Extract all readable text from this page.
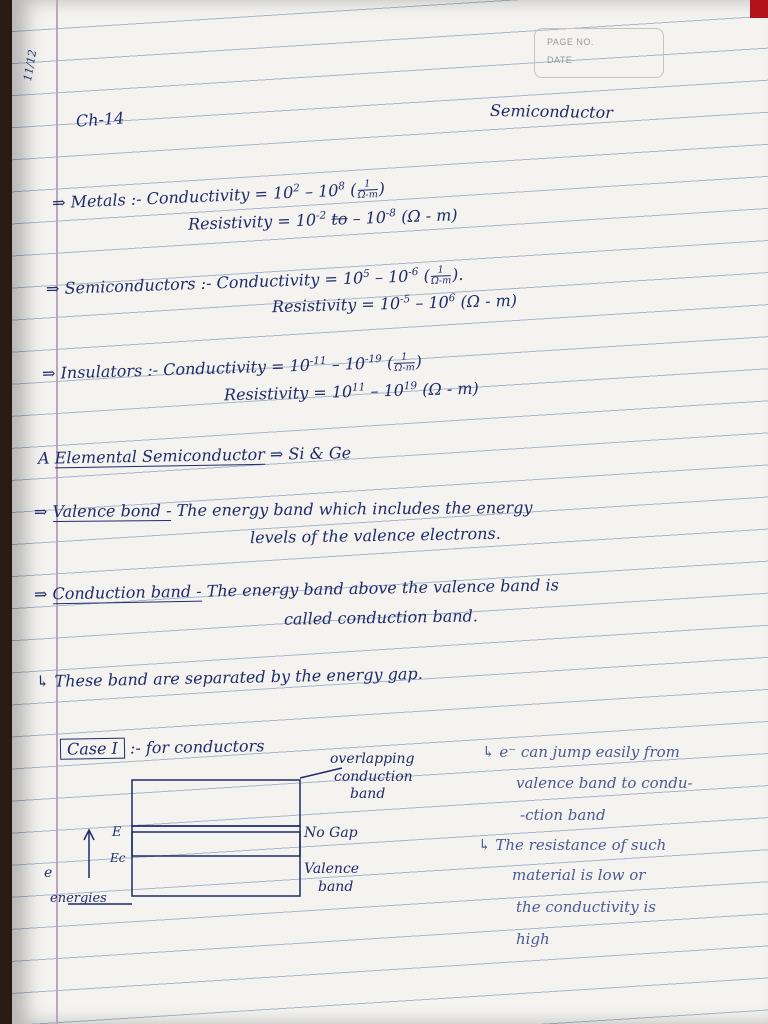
PAGE NO.
DATE
11/12
Ch-14	Semiconductor
⇒ Metals :- Conductivity = $10^2 - 10^8$ ( $\frac{1}{\Omega-m}$ )
Resistivity = $10^{-2}$ to – $10^{-8}$ (Ω - m)
⇒ Semiconductors :- Conductivity = $10^5 - 10^{-6}$ ( $\frac{1}{\Omega-m}$ ).
Resistivity = $10^{-5} - 10^6$ (Ω - m)
⇒ Insulators :- Conductivity = $10^{-11} - 10^{-19}$ ( $\frac{1}{\Omega-m}$ )
Resistivity = $10^{11} - 10^{19}$ (Ω - m)
A Elemental Semiconductor ⇒ Si & Ge
⇒ Valence bond - The energy band which includes the energy
levels of the valence electrons.
⇒ Conduction band - The energy band above the valence band is
called conduction band.
↳ These band are separated by the energy gap.
Case I :- for conductors
overlapping
conduction
band
No Gap
Valence
band
E
Ec
e
energies
↳ e⁻ can jump easily from
valence band to condu-
-ction band
↳ The resistance of such
material is low or
the conductivity is
high
